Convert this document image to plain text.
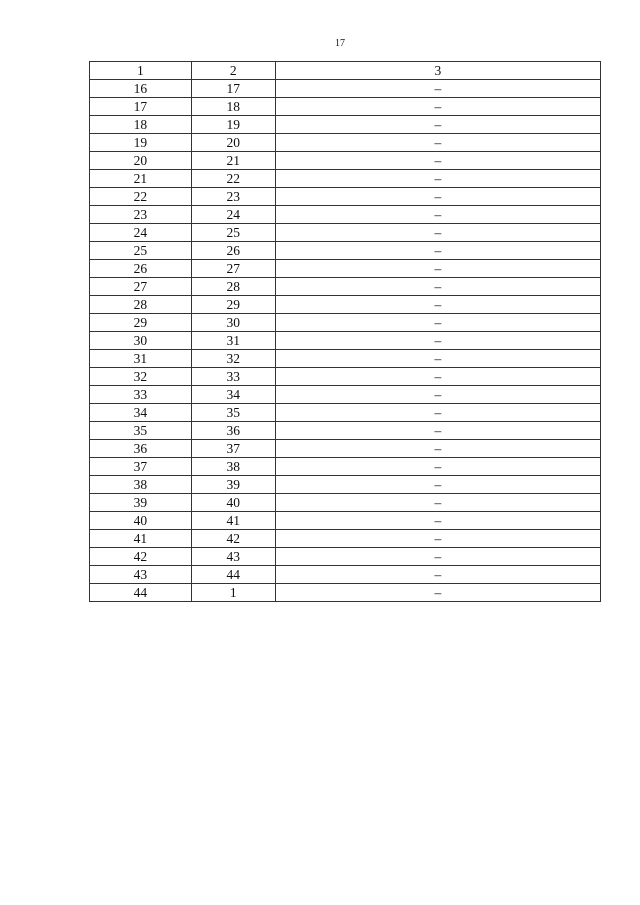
17
1	2	3
16	17	–
17	18	–
18	19	–
19	20	–
20	21	–
21	22	–
22	23	–
23	24	–
24	25	–
25	26	–
26	27	–
27	28	–
28	29	–
29	30	–
30	31	–
31	32	–
32	33	–
33	34	–
34	35	–
35	36	–
36	37	–
37	38	–
38	39	–
39	40	–
40	41	–
41	42	–
42	43	–
43	44	–
44	1	–
